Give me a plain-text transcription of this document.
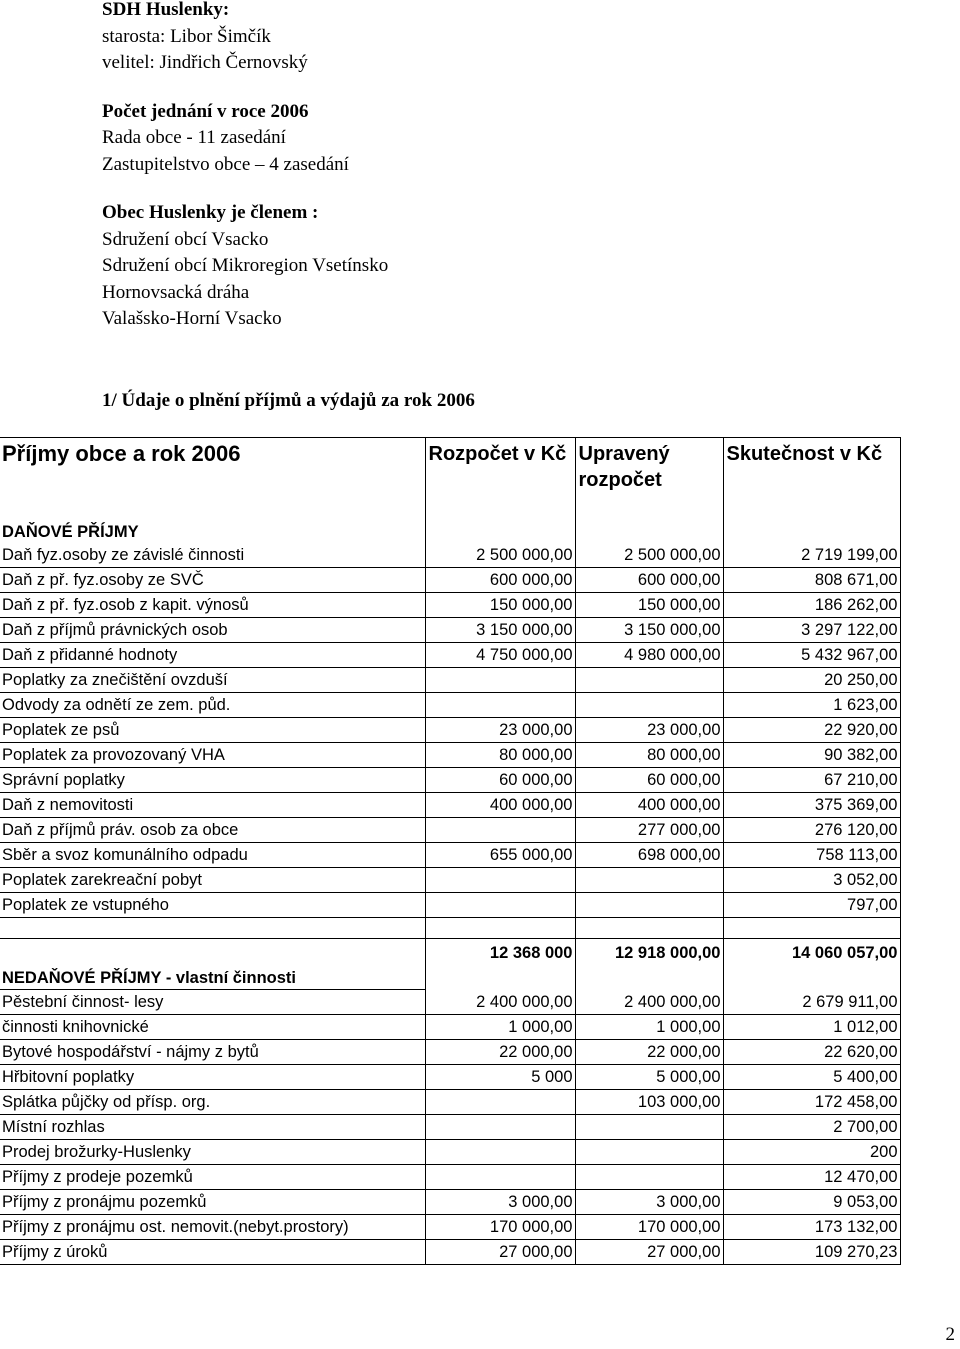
SDH Huslenky:

starosta: Libor Šimčík

velitel: Jindřich Černovský

Počet jednání v roce 2006

Rada obce - 11 zasedání

Zastupitelstvo obce – 4 zasedání

Obec Huslenky je členem :

Sdružení obcí Vsacko

Sdružení obcí Mikroregion Vsetínsko

Hornovsacká dráha

Valašsko-Horní Vsacko

1/ Údaje o plnění příjmů a výdajů za rok 2006
Příjmy obce a rok 2006	Rozpočet v Kč	Upravený rozpočet	Skutečnost v Kč
DAŇOVÉ PŘÍJMY			
Daň fyz.osoby ze závislé činnosti	2 500 000,00	2 500 000,00	2 719 199,00
Daň z př. fyz.osoby ze SVČ	600 000,00	600 000,00	808 671,00
Daň z př. fyz.osob z kapit. výnosů	150 000,00	150 000,00	186 262,00
Daň z příjmů právnických osob	3 150 000,00	3 150 000,00	3 297 122,00
Daň z přidanné hodnoty	4 750 000,00	4 980 000,00	5 432 967,00
Poplatky za znečištění ovzduší			20 250,00
Odvody za odnětí ze zem. půd.			1 623,00
Poplatek ze psů	23 000,00	23 000,00	22 920,00
Poplatek za provozovaný VHA	80 000,00	80 000,00	90 382,00
Správní poplatky	60 000,00	60 000,00	67 210,00
Daň z nemovitosti	400 000,00	400 000,00	375 369,00
Daň z příjmů práv. osob za obce		277 000,00	276 120,00
Sběr a svoz komunálního odpadu	655 000,00	698 000,00	758 113,00
Poplatek zarekreační pobyt			3 052,00
Poplatek ze vstupného			797,00

	12 368 000	12 918 000,00	14 060 057,00
NEDAŇOVÉ PŘÍJMY - vlastní činnosti			
Pěstební činnost- lesy	2 400 000,00	2 400 000,00	2 679 911,00
činnosti knihovnické	1 000,00	1 000,00	1 012,00
Bytové hospodářství - nájmy z bytů	22 000,00	22 000,00	22 620,00
Hřbitovní poplatky	5 000	5 000,00	5 400,00
Splátka půjčky od přísp. org.		103 000,00	172 458,00
Místní rozhlas			2 700,00
Prodej brožurky-Huslenky			200
Příjmy z prodeje pozemků			12 470,00
Příjmy z pronájmu pozemků	3 000,00	3 000,00	9 053,00
Příjmy z pronájmu ost. nemovit.(nebyt.prostory)	170 000,00	170 000,00	173 132,00
Příjmy z úroků	27 000,00	27 000,00	109 270,23
2
